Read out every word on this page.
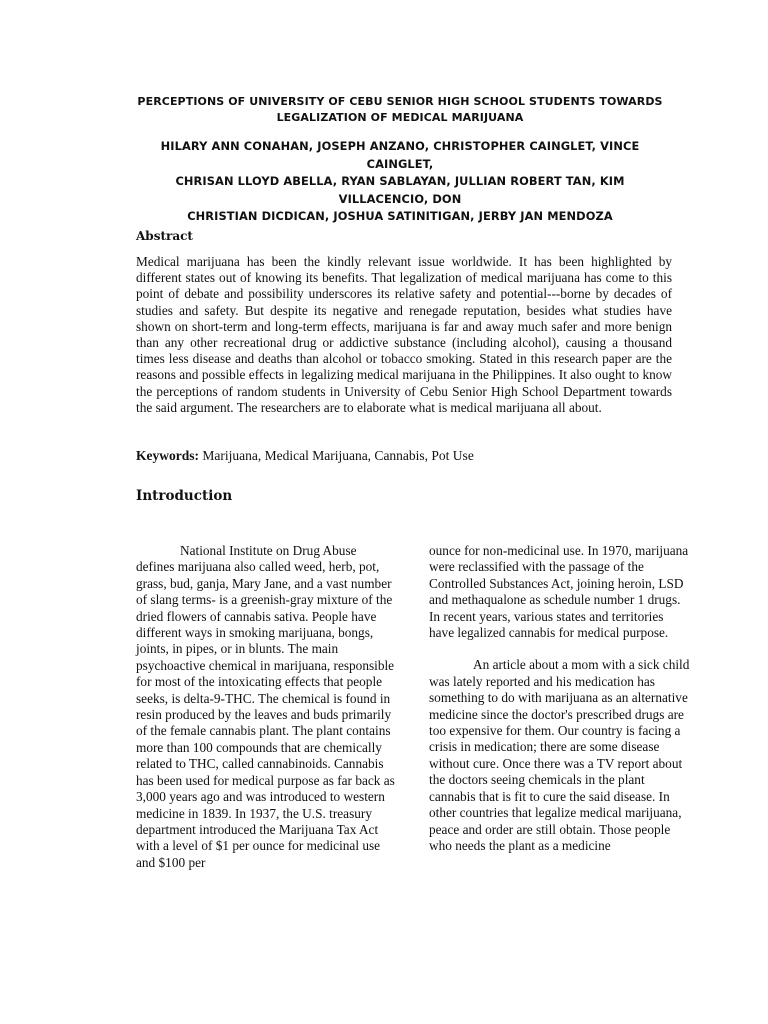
PERCEPTIONS OF UNIVERSITY OF CEBU SENIOR HIGH SCHOOL STUDENTS TOWARDS
LEGALIZATION OF MEDICAL MARIJUANA
HILARY ANN CONAHAN, JOSEPH ANZANO, CHRISTOPHER CAINGLET, VINCE CAINGLET,
CHRISAN LLOYD ABELLA, RYAN SABLAYAN, JULLIAN ROBERT TAN, KIM VILLACENCIO, DON
CHRISTIAN DICDICAN, JOSHUA SATINITIGAN, JERBY JAN MENDOZA
Abstract
Medical marijuana has been the kindly relevant issue worldwide. It has been highlighted by different states out of knowing its benefits. That legalization of medical marijuana has come to this point of debate and possibility underscores its relative safety and potential---borne by decades of studies and safety. But despite its negative and renegade reputation, besides what studies have shown on short-term and long-term effects, marijuana is far and away much safer and more benign than any other recreational drug or addictive substance (including alcohol), causing a thousand times less disease and deaths than alcohol or tobacco smoking. Stated in this research paper are the reasons and possible effects in legalizing medical marijuana in the Philippines. It also ought to know the perceptions of random students in University of Cebu Senior High School Department towards the said argument. The researchers are to elaborate what is medical marijuana all about.
Keywords: Marijuana, Medical Marijuana, Cannabis, Pot Use
Introduction

National Institute on Drug Abuse defines marijuana also called weed, herb, pot, grass, bud, ganja, Mary Jane, and a vast number of slang terms- is a greenish-gray mixture of the dried flowers of cannabis sativa. People have different ways in smoking marijuana, bongs, joints, in pipes, or in blunts. The main psychoactive chemical in marijuana, responsible for most of the intoxicating effects that people seeks, is delta-9-THC. The chemical is found in resin produced by the leaves and buds primarily of the female cannabis plant. The plant contains more than 100 compounds that are chemically related to THC, called cannabinoids. Cannabis has been used for medical purpose as far back as 3,000 years ago and was introduced to western medicine in 1839. In 1937, the U.S. treasury department introduced the Marijuana Tax Act with a level of $1 per ounce for medicinal use and $100 per

ounce for non-medicinal use. In 1970, marijuana were reclassified with the passage of the Controlled Substances Act, joining heroin, LSD and methaqualone as schedule number 1 drugs. In recent years, various states and territories have legalized cannabis for medical purpose.

An article about a mom with a sick child was lately reported and his medication has something to do with marijuana as an alternative medicine since the doctor's prescribed drugs are too expensive for them. Our country is facing a crisis in medication; there are some disease without cure. Once there was a TV report about the doctors seeing chemicals in the plant cannabis that is fit to cure the said disease. In other countries that legalize medical marijuana, peace and order are still obtain. Those people who needs the plant as a medicine
